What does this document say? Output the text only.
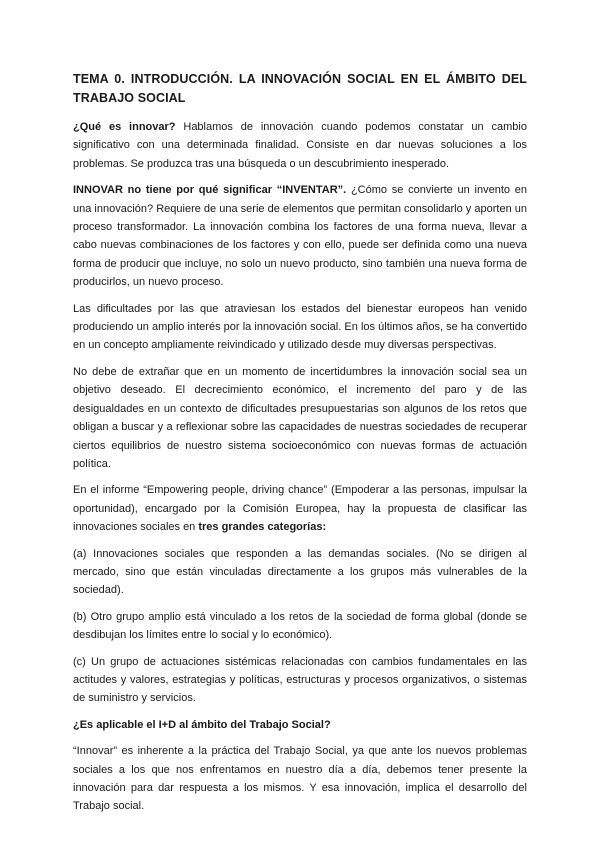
TEMA 0. INTRODUCCIÓN. LA INNOVACIÓN SOCIAL EN EL ÁMBITO DEL TRABAJO SOCIAL

¿Qué es innovar? Hablamos de innovación cuando podemos constatar un cambio significativo con una determinada finalidad. Consiste en dar nuevas soluciones a los problemas. Se produzca tras una búsqueda o un descubrimiento inesperado.

INNOVAR no tiene por qué significar “INVENTAR”. ¿Cómo se convierte un invento en una innovación? Requiere de una serie de elementos que permitan consolidarlo y aporten un proceso transformador. La innovación combina los factores de una forma nueva, llevar a cabo nuevas combinaciones de los factores y con ello, puede ser definida como una nueva forma de producir que incluye, no solo un nuevo producto, sino también una nueva forma de producirlos, un nuevo proceso.

Las dificultades por las que atraviesan los estados del bienestar europeos han venido produciendo un amplio interés por la innovación social. En los últimos años, se ha convertido en un concepto ampliamente reivindicado y utilizado desde muy diversas perspectivas.

No debe de extrañar que en un momento de incertidumbres la innovación social sea un objetivo deseado. El decrecimiento económico, el incremento del paro y de las desigualdades en un contexto de dificultades presupuestarias son algunos de los retos que obligan a buscar y a reflexionar sobre las capacidades de nuestras sociedades de recuperar ciertos equilibrios de nuestro sistema socioeconómico con nuevas formas de actuación política.

En el informe “Empowering people, driving chance” (Empoderar a las personas, impulsar la oportunidad), encargado por la Comisión Europea, hay la propuesta de clasificar las innovaciones sociales en tres grandes categorías:

(a) Innovaciones sociales que responden a las demandas sociales. (No se dirigen al mercado, sino que están vinculadas directamente a los grupos más vulnerables de la sociedad).

(b) Otro grupo amplio está vinculado a los retos de la sociedad de forma global (donde se desdibujan los límites entre lo social y lo económico).

(c) Un grupo de actuaciones sistémicas relacionadas con cambios fundamentales en las actitudes y valores, estrategias y políticas, estructuras y procesos organizativos, o sistemas de suministro y servicios.

¿Es aplicable el I+D al ámbito del Trabajo Social?

“Innovar” es inherente a la práctica del Trabajo Social, ya que ante los nuevos problemas sociales a los que nos enfrentamos en nuestro día a día, debemos tener presente la innovación para dar respuesta a los mismos. Y esa innovación, implica el desarrollo del Trabajo social.
